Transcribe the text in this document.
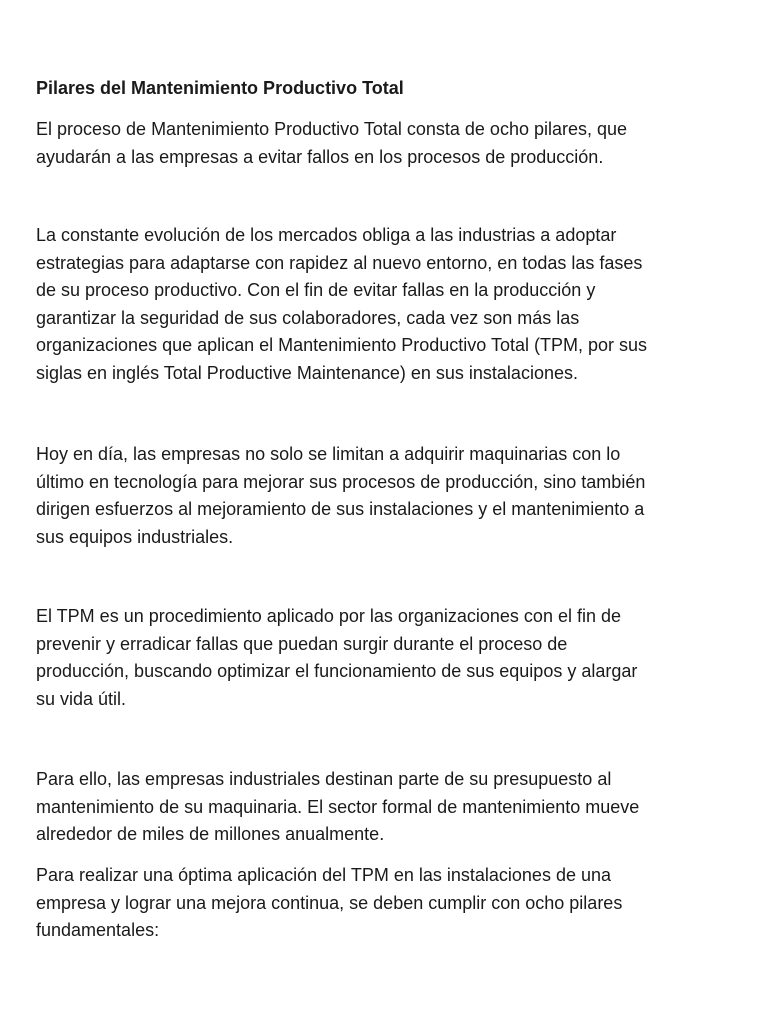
Pilares del Mantenimiento Productivo Total

El proceso de Mantenimiento Productivo Total consta de ocho pilares, que
ayudarán a las empresas a evitar fallos en los procesos de producción.

La constante evolución de los mercados obliga a las industrias a adoptar
estrategias para adaptarse con rapidez al nuevo entorno, en todas las fases
de su proceso productivo. Con el fin de evitar fallas en la producción y
garantizar la seguridad de sus colaboradores, cada vez son más las
organizaciones que aplican el Mantenimiento Productivo Total (TPM, por sus
siglas en inglés Total Productive Maintenance) en sus instalaciones.

Hoy en día, las empresas no solo se limitan a adquirir maquinarias con lo
último en tecnología para mejorar sus procesos de producción, sino también
dirigen esfuerzos al mejoramiento de sus instalaciones y el mantenimiento a
sus equipos industriales.

El TPM es un procedimiento aplicado por las organizaciones con el fin de
prevenir y erradicar fallas que puedan surgir durante el proceso de
producción, buscando optimizar el funcionamiento de sus equipos y alargar
su vida útil.

Para ello, las empresas industriales destinan parte de su presupuesto al
mantenimiento de su maquinaria. El sector formal de mantenimiento mueve
alrededor de miles de millones anualmente.

Para realizar una óptima aplicación del TPM en las instalaciones de una
empresa y lograr una mejora continua, se deben cumplir con ocho pilares
fundamentales:
